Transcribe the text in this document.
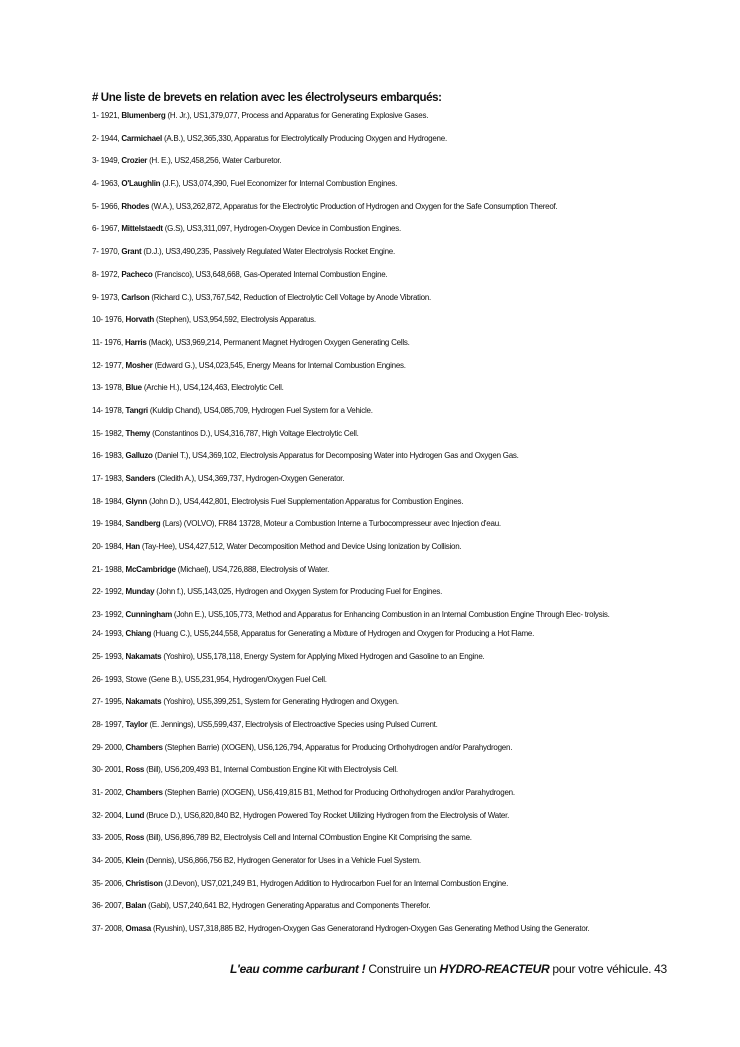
# Une liste de brevets en relation avec les électrolyseurs embarqués:
1- 1921, Blumenberg (H. Jr.), US1,379,077, Process and Apparatus for Generating Explosive Gases.
2- 1944, Carmichael (A.B.), US2,365,330, Apparatus for Electrolytically Producing Oxygen and Hydrogene.
3- 1949, Crozier (H. E.), US2,458,256, Water Carburetor.
4- 1963, O'Laughlin (J.F.), US3,074,390, Fuel Economizer for Internal Combustion Engines.
5- 1966, Rhodes (W.A.), US3,262,872, Apparatus for the Electrolytic Production of Hydrogen and Oxygen for the Safe Consumption Thereof.
6- 1967, Mittelstaedt (G.S), US3,311,097, Hydrogen-Oxygen Device in Combustion Engines.
7- 1970, Grant (D.J.), US3,490,235, Passively Regulated Water Electrolysis Rocket Engine.
8- 1972, Pacheco (Francisco), US3,648,668, Gas-Operated Internal Combustion Engine.
9- 1973, Carlson (Richard C.), US3,767,542, Reduction of Electrolytic Cell Voltage by Anode Vibration.
10- 1976, Horvath (Stephen), US3,954,592, Electrolysis Apparatus.
11- 1976, Harris (Mack), US3,969,214, Permanent Magnet Hydrogen Oxygen Generating Cells.
12- 1977, Mosher (Edward G.), US4,023,545, Energy Means for Internal Combustion Engines.
13- 1978, Blue (Archie H.), US4,124,463, Electrolytic Cell.
14- 1978, Tangri (Kuldip Chand), US4,085,709, Hydrogen Fuel System for a Vehicle.
15- 1982, Themy (Constantinos D.), US4,316,787, High Voltage Electrolytic Cell.
16- 1983, Galluzo (Daniel T.), US4,369,102, Electrolysis Apparatus for Decomposing Water into Hydrogen Gas and Oxygen Gas.
17- 1983, Sanders (Cledith A.), US4,369,737, Hydrogen-Oxygen Generator.
18- 1984, Glynn (John D.), US4,442,801, Electrolysis Fuel Supplementation Apparatus for Combustion Engines.
19- 1984, Sandberg (Lars) (VOLVO), FR84 13728, Moteur a Combustion Interne a Turbocompresseur avec Injection d'eau.
20- 1984, Han (Tay-Hee), US4,427,512, Water Decomposition Method and Device Using Ionization by Collision.
21- 1988, McCambridge (Michael), US4,726,888, Electrolysis of Water.
22- 1992, Munday (John f.), US5,143,025, Hydrogen and Oxygen System for Producing Fuel for Engines.
23- 1992, Cunningham (John E.), US5,105,773, Method and Apparatus for Enhancing Combustion in an Internal Combustion Engine Through Elec- trolysis.
24- 1993, Chiang (Huang C.), US5,244,558, Apparatus for Generating a Mixture of Hydrogen and Oxygen for Producing a Hot Flame.
25- 1993, Nakamats (Yoshiro), US5,178,118, Energy System for Applying Mixed Hydrogen and Gasoline to an Engine.
26- 1993, Stowe (Gene B.), US5,231,954, Hydrogen/Oxygen Fuel Cell.
27- 1995, Nakamats (Yoshiro), US5,399,251, System for Generating Hydrogen and Oxygen.
28- 1997, Taylor (E. Jennings), US5,599,437, Electrolysis of Electroactive Species using Pulsed Current.
29- 2000, Chambers (Stephen Barrie) (XOGEN), US6,126,794, Apparatus for Producing Orthohydrogen and/or Parahydrogen.
30- 2001, Ross (Bill), US6,209,493 B1, Internal Combustion Engine Kit with Electrolysis Cell.
31- 2002, Chambers (Stephen Barrie) (XOGEN), US6,419,815 B1, Method for Producing Orthohydrogen and/or Parahydrogen.
32- 2004, Lund (Bruce D.), US6,820,840 B2, Hydrogen Powered Toy Rocket Utilizing Hydrogen from the Electrolysis of Water.
33- 2005, Ross (Bill), US6,896,789 B2, Electrolysis Cell and Internal COmbustion Engine Kit Comprising the same.
34- 2005, Klein (Dennis), US6,866,756 B2, Hydrogen Generator for Uses in a Vehicle Fuel System.
35- 2006, Christison (J.Devon), US7,021,249 B1, Hydrogen Addition to Hydrocarbon Fuel for an Internal Combustion Engine.
36- 2007, Balan (Gabi), US7,240,641 B2, Hydrogen Generating Apparatus and Components Therefor.
37- 2008, Omasa (Ryushin), US7,318,885 B2, Hydrogen-Oxygen Gas Generatorand Hydrogen-Oxygen Gas Generating Method Using the Generator.
L'eau comme carburant ! Construire un HYDRO-REACTEUR pour votre véhicule. 43
